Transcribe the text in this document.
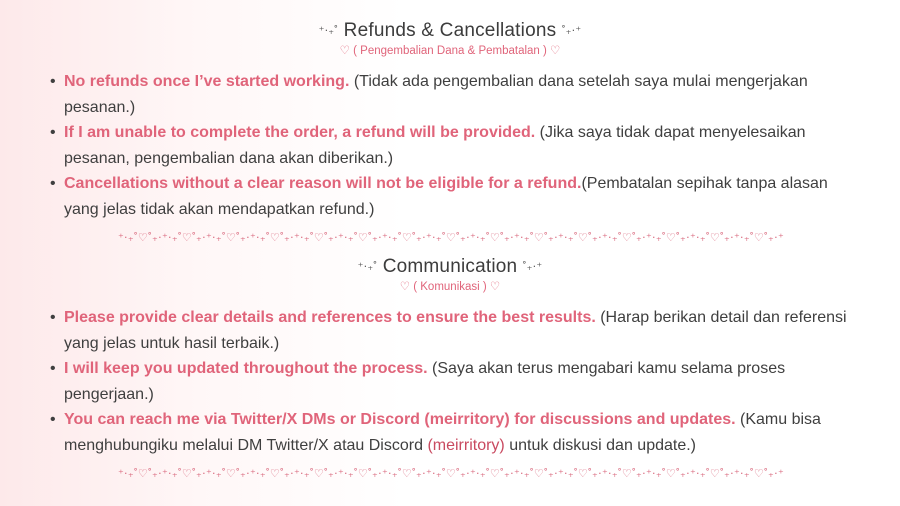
⁺‧₊˚ Refunds & Cancellations ˚₊‧⁺
♡ ( Pengembalian Dana & Pembatalan ) ♡
• No refunds once I’ve started working. (Tidak ada pengembalian dana setelah saya mulai mengerjakan pesanan.)
• If I am unable to complete the order, a refund will be provided. (Jika saya tidak dapat menyelesaikan pesanan, pengembalian dana akan diberikan.)
• Cancellations without a clear reason will not be eligible for a refund.(Pembatalan sepihak tanpa alasan yang jelas tidak akan mendapatkan refund.)
⁺‧₊˚♡˚₊‧⁺‧₊˚♡˚₊‧⁺‧₊˚♡˚₊‧⁺‧₊˚♡˚₊‧⁺‧₊˚♡˚₊‧⁺‧₊˚♡˚₊‧⁺‧₊˚♡˚₊‧⁺‧₊˚♡˚₊‧⁺‧₊˚♡˚₊‧⁺‧₊˚♡˚₊‧⁺‧₊˚♡˚₊‧⁺‧₊˚♡˚₊‧⁺‧₊˚♡˚₊‧⁺‧₊˚♡˚₊‧⁺‧₊˚♡˚₊‧⁺
⁺‧₊˚ Communication ˚₊‧⁺
♡ ( Komunikasi ) ♡
• Please provide clear details and references to ensure the best results. (Harap berikan detail dan referensi yang jelas untuk hasil terbaik.)
• I will keep you updated throughout the process. (Saya akan terus mengabari kamu selama proses pengerjaan.)
• You can reach me via Twitter/X DMs or Discord (meirritory) for discussions and updates. (Kamu bisa menghubungiku melalui DM Twitter/X atau Discord (meirritory) untuk diskusi dan update.)
⁺‧₊˚♡˚₊‧⁺‧₊˚♡˚₊‧⁺‧₊˚♡˚₊‧⁺‧₊˚♡˚₊‧⁺‧₊˚♡˚₊‧⁺‧₊˚♡˚₊‧⁺‧₊˚♡˚₊‧⁺‧₊˚♡˚₊‧⁺‧₊˚♡˚₊‧⁺‧₊˚♡˚₊‧⁺‧₊˚♡˚₊‧⁺‧₊˚♡˚₊‧⁺‧₊˚♡˚₊‧⁺‧₊˚♡˚₊‧⁺‧₊˚♡˚₊‧⁺
